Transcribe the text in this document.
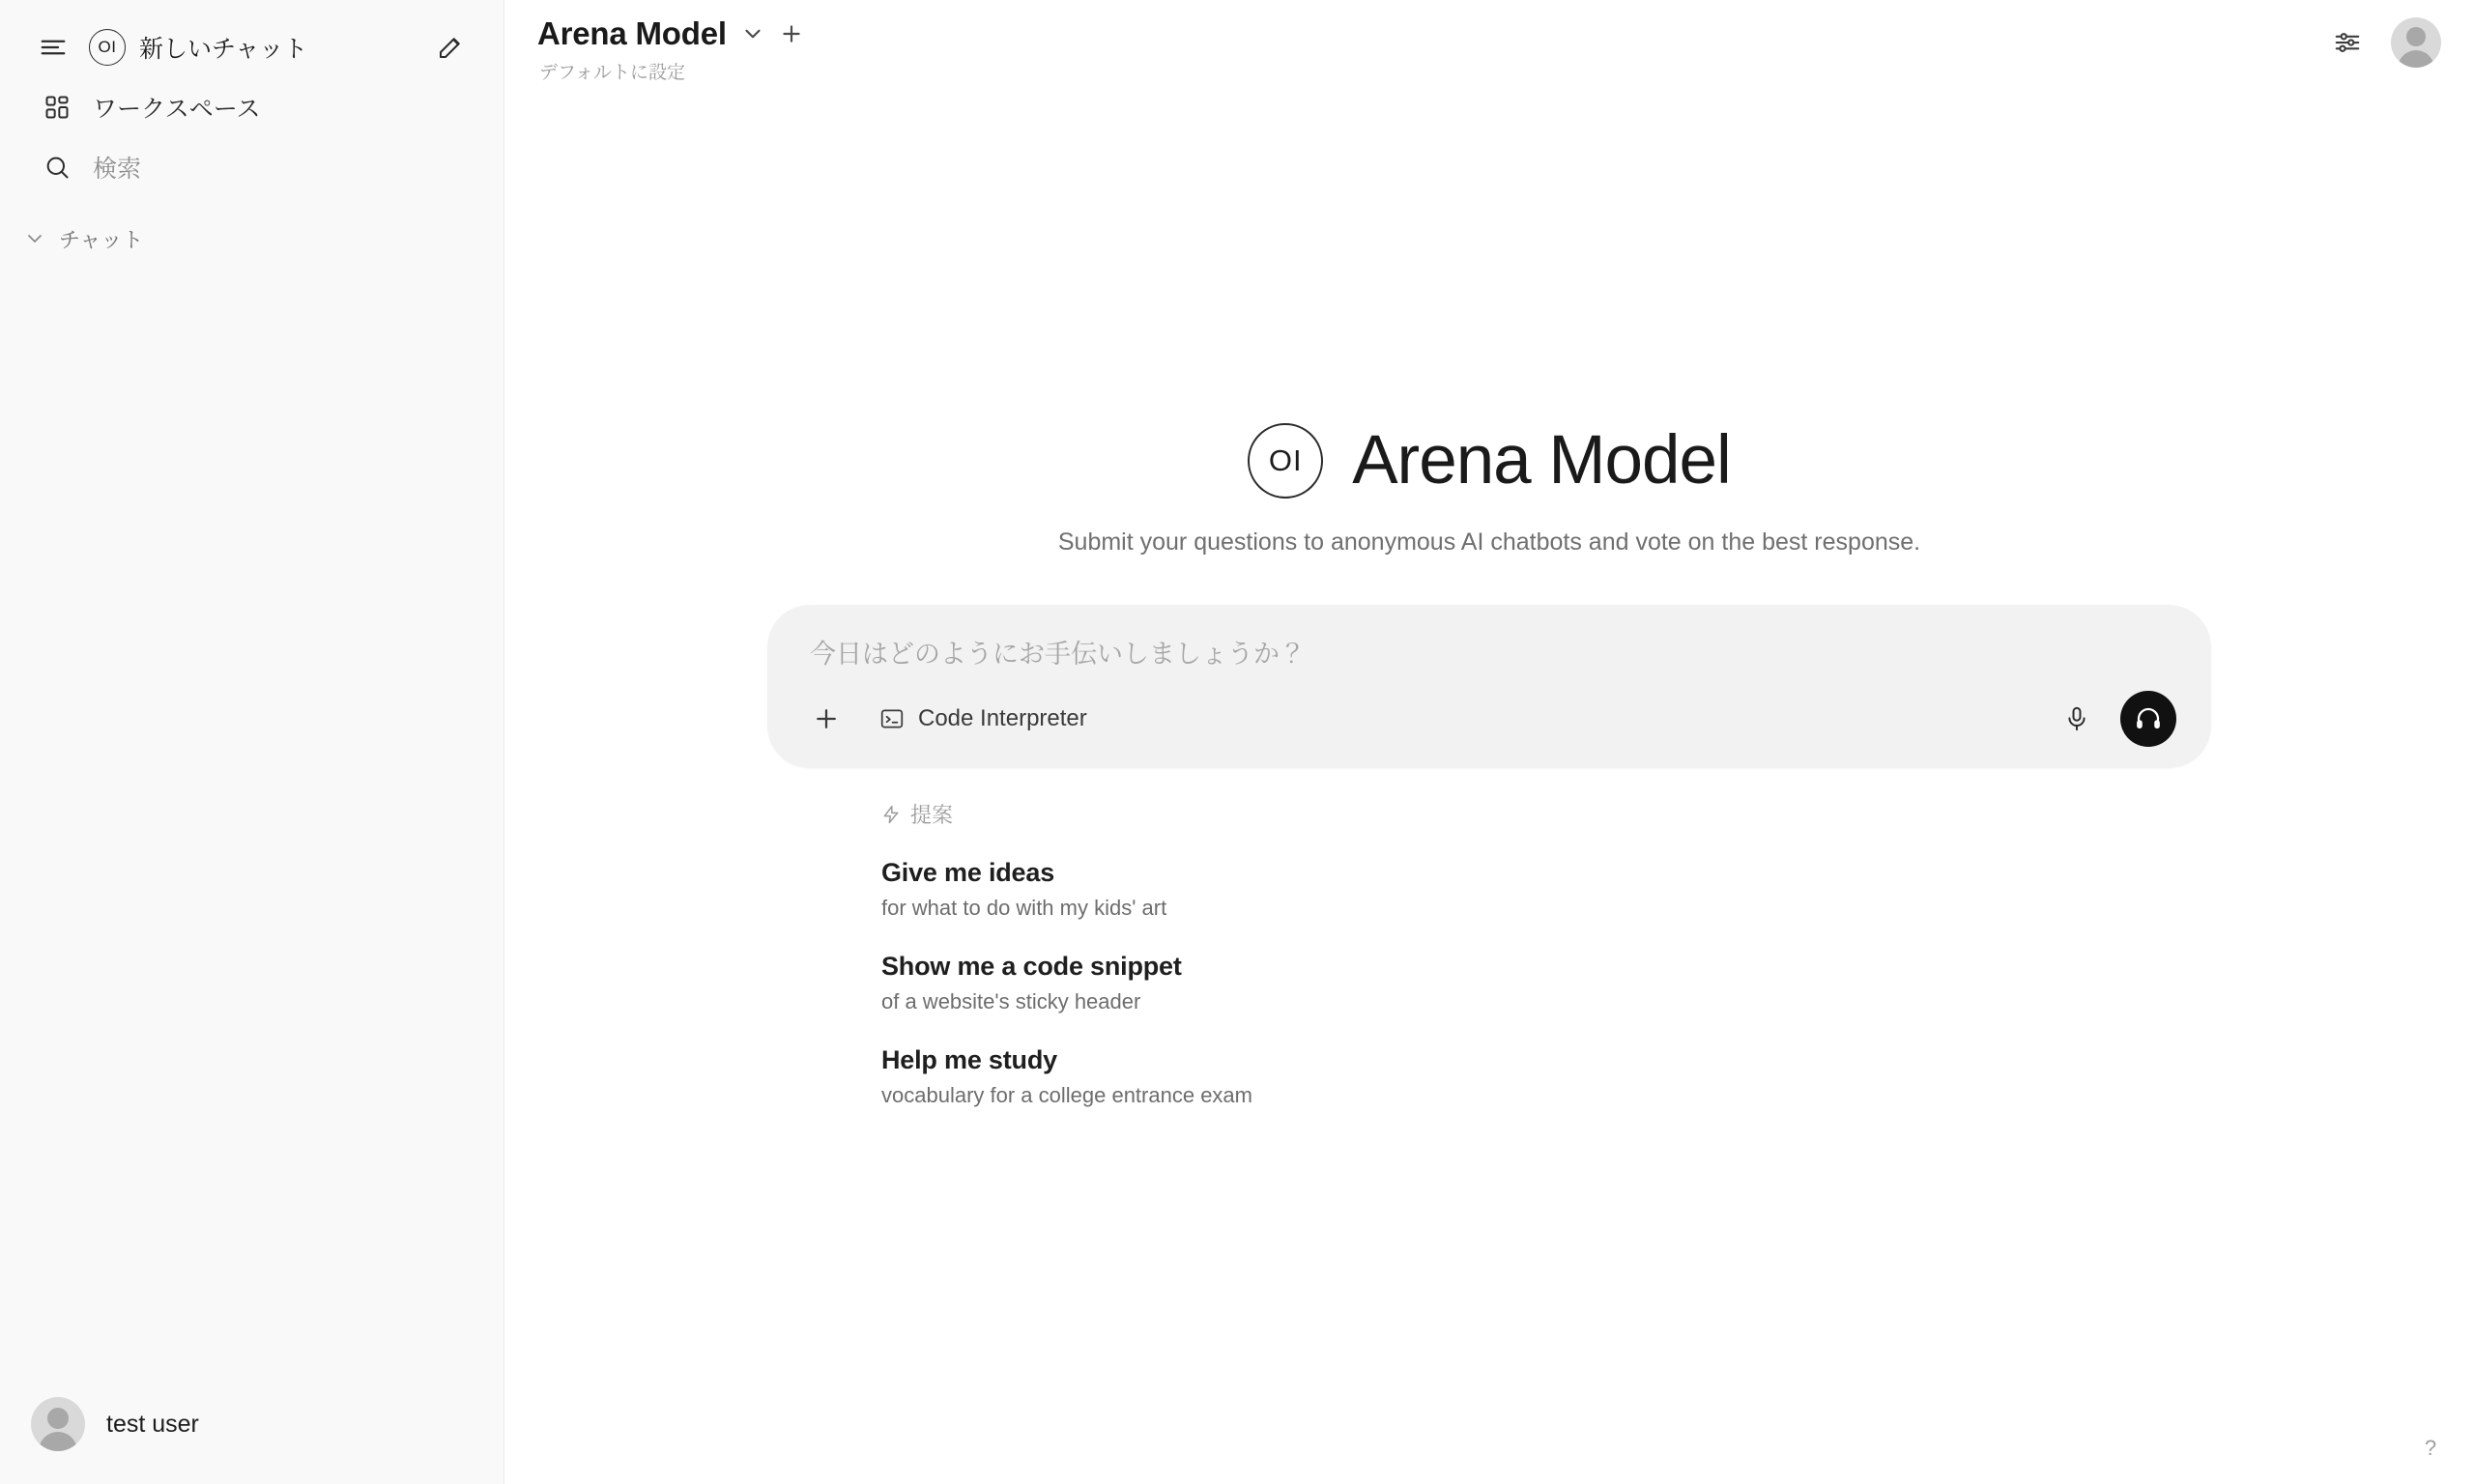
OI 新しいチャット
ワークスペース
検索
チャット
test user
Arena Model
デフォルトに設定
OI Arena Model
Submit your questions to anonymous AI chatbots and vote on the best response.
今日はどのようにお手伝いしましょうか？
Code Interpreter
提案
Give me ideas
for what to do with my kids' art
Show me a code snippet
of a website's sticky header
Help me study
vocabulary for a college entrance exam
?
